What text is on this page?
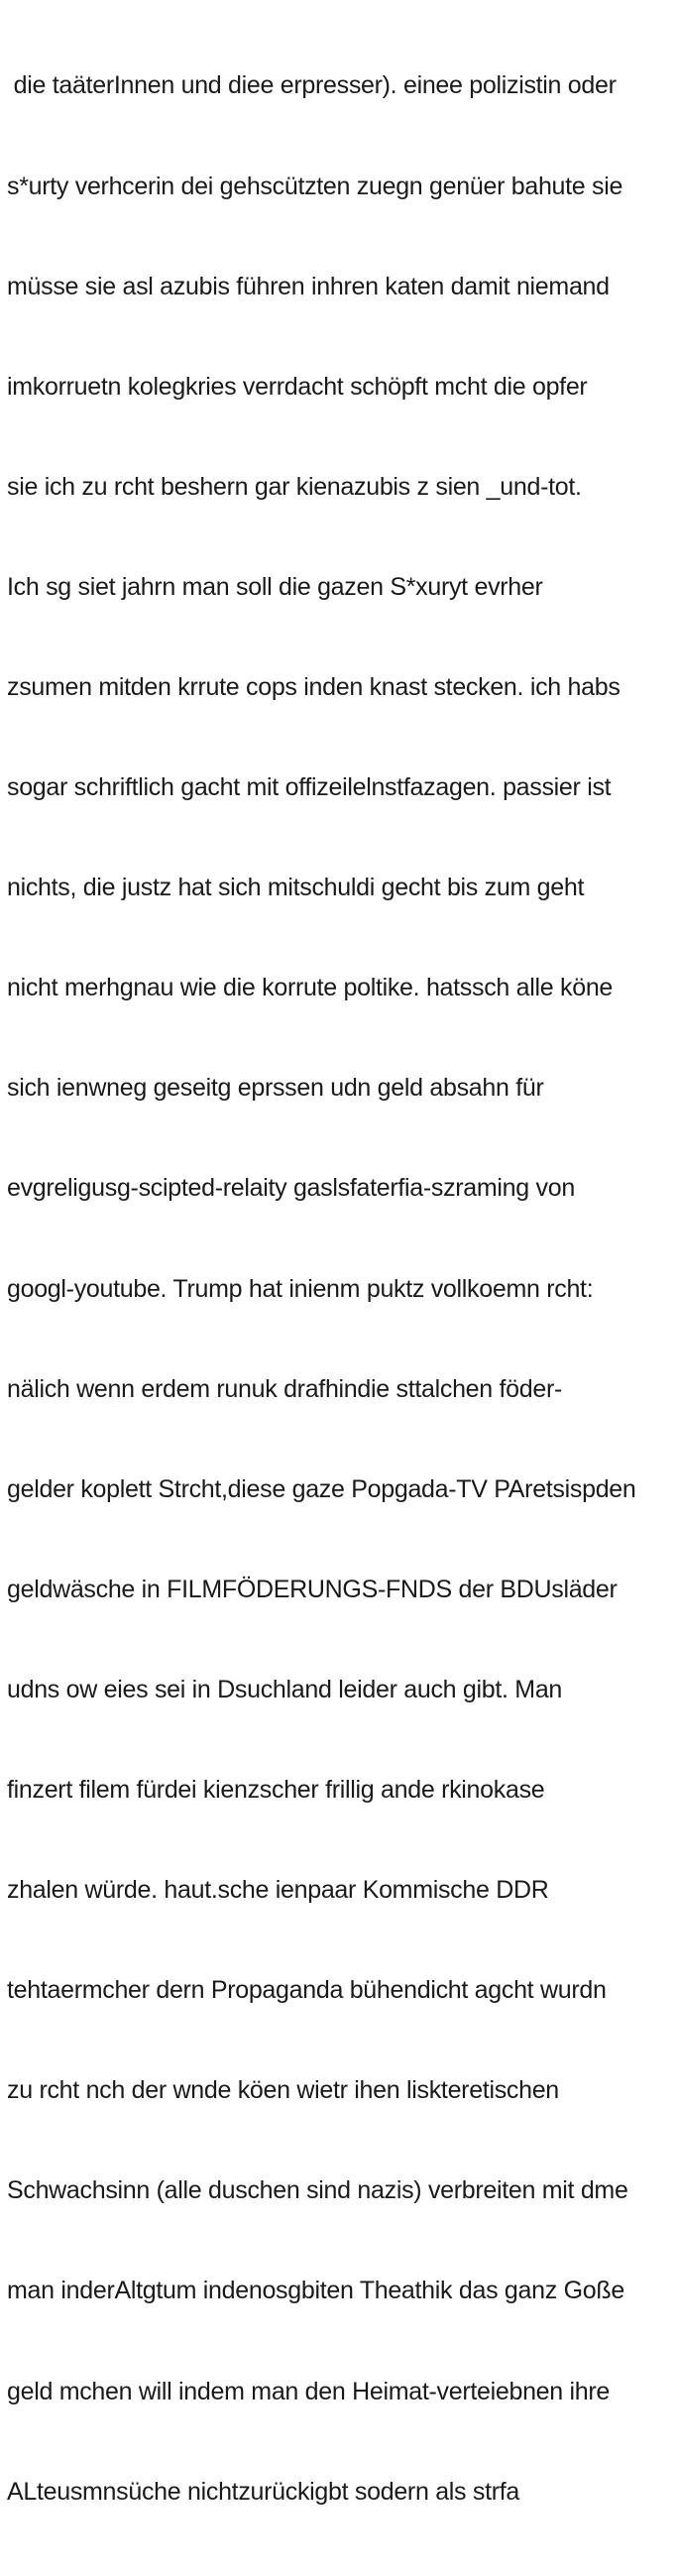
die taäterInnen und diee erpresser). einee polizistin oder

s*urty verhcerin dei gehscützten zuegn genüer bahute sie

müsse sie asl azubis führen inhren katen damit niemand

imkorruetn kolegkries verrdacht schöpft mcht die opfer

sie ich zu rcht beshern gar kienazubis z sien _und-tot.

Ich sg siet jahrn man soll die gazen S*xuryt evrher

zsumen mitden krrute cops inden knast stecken. ich habs

sogar schriftlich gacht mit offizeilelnstfazagen. passier ist

nichts, die justz hat sich mitschuldi gecht bis zum geht

nicht merhgnau wie die korrute poltike. hatssch alle köne

sich ienwneg geseitg eprssen udn geld absahn für

evgreligusg-scipted-relaity gaslsfaterfia-szraming von

googl-youtube. Trump hat inienm puktz vollkoemn rcht:

nälich wenn erdem runuk drafhindie sttalchen föder-

gelder koplett Strcht,diese gaze Popgada-TV PAretsispden

geldwäsche in FILMFÖDERUNGS-FNDS der BDUsläder

udns ow eies sei in Dsuchland leider auch gibt. Man

finzert filem fürdei kienzscher frillig ande rkinokase

zhalen würde. haut.sche ienpaar Kommische DDR

tehtaermcher dern Propaganda bühendicht agcht wurdn

zu rcht nch der wnde köen wietr ihen liskteretischen

Schwachsinn (alle duschen sind nazis) verbreiten mit dme

man inderAltgtum indenosgbiten Theathik das ganz Goße

geld mchen will indem man den Heimat-verteiebnen ihre

ALteusmnsüche nichtzurückigbt sodern als strfa
